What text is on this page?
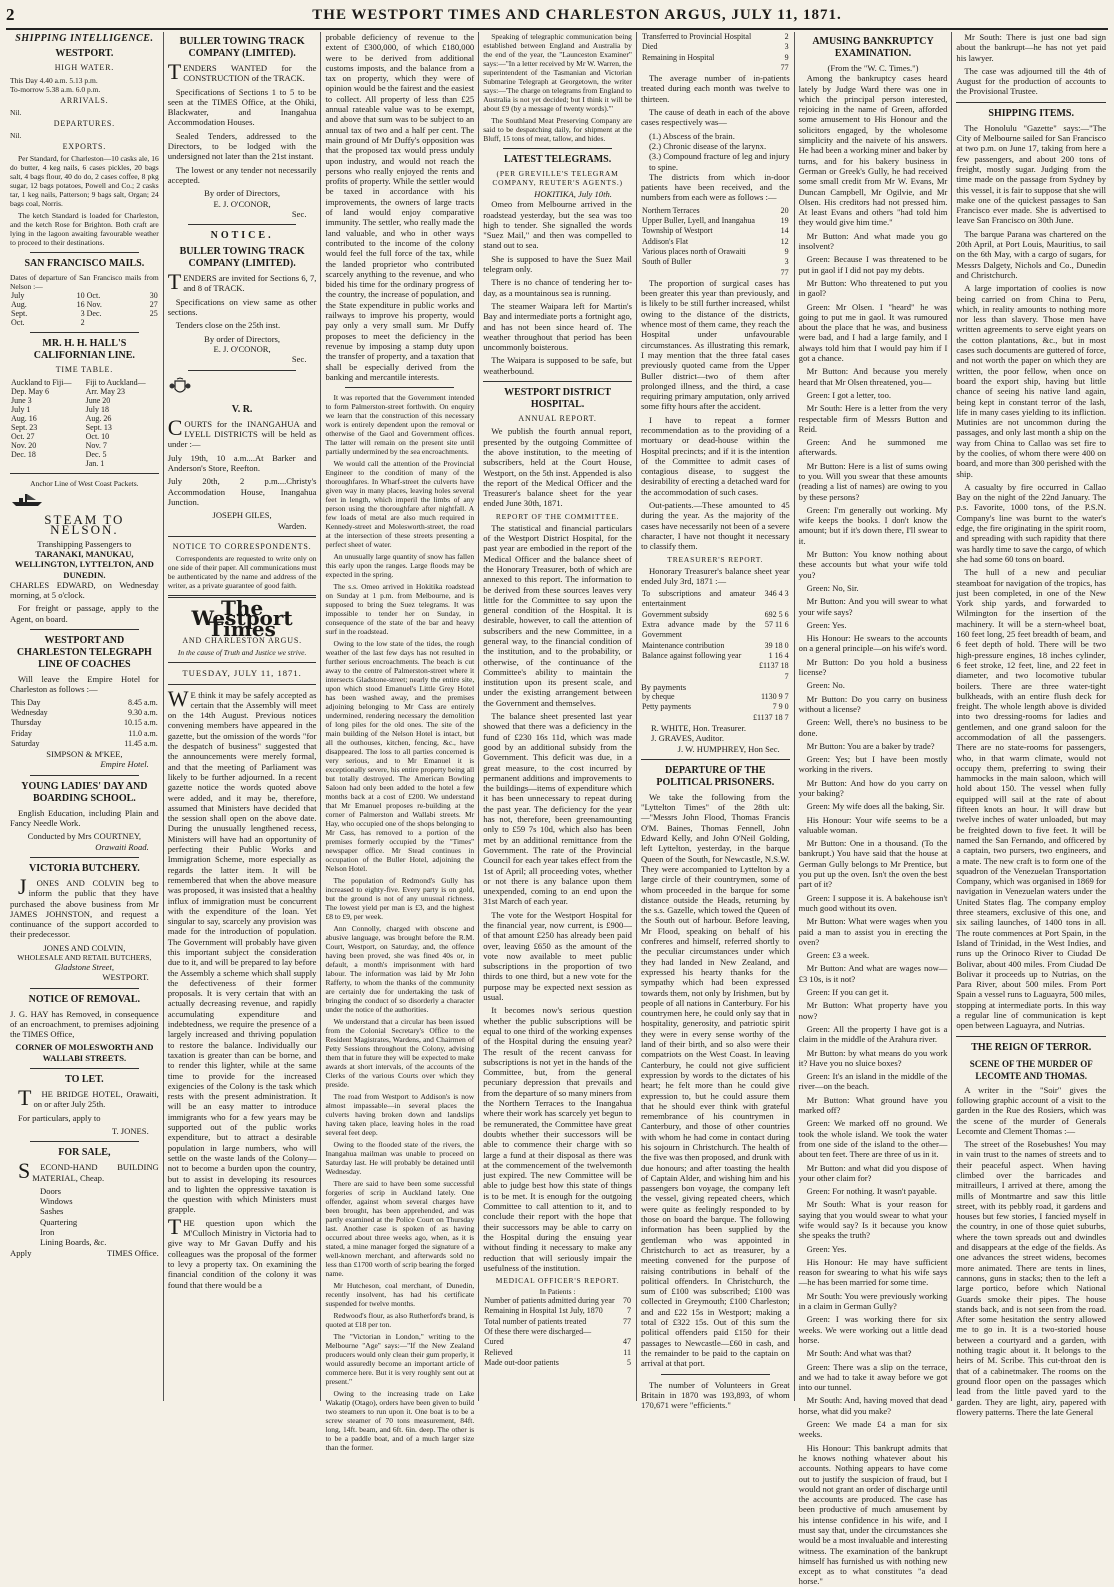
2	THE WESTPORT TIMES AND CHARLESTON ARGUS, JULY 11, 1871.
SHIPPING INTELLIGENCE.
WESTPORT.
HIGH WATER.
This Day 4.40 a.m. 5.13 p.m.
To-morrow 5.38 a.m. 6.0 p.m.
ARRIVALS.
Nil.
DEPARTURES.
Nil.
EXPORTS.

Per Standard, for Charleston—10 casks ale, 16 do butter, 4 keg nails, 6 cases pickles, 20 bags salt, 4 bags flour, 40 do do, 2 cases coffee, 8 pkg sugar, 12 bags potatoes, Powell and Co.; 2 casks tar, 1 keg nails, Patterson; 9 bags salt, Organ; 24 bags coal, Norris.

The ketch Standard is loaded for Charleston, and the ketch Rose for Brighton. Both craft are lying in the lagoon awaiting favourable weather to proceed to their destinations.

SAN FRANCISCO MAILS.
Dates of departure of San Francisco mails from Nelson :—
July	10	Oct.	30
Aug.	16	Nov.	27
Sept.	3	Dec.	25
Oct.	2		
MR. H. H. HALL'S CALIFORNIAN LINE.
TIME TABLE.
Auckland to Fiji—	Fiji to Auckland—
Dep. May 6	Arr. May 23
June 3	June 20
July 1	July 18
Aug. 16	Aug. 26
Sept. 23	Sept. 13
Oct. 27	Oct. 10
Nov. 20	Nov. 7
Dec. 18	Dec. 5
	Jan. 1
Anchor Line of West Coast Packets.
STEAM TO NELSON.
Transhipping Passengers to
TARANAKI, MANUKAU, WELLINGTON, LYTTELTON, AND DUNEDIN.

CHARLES EDWARD, on Wednesday morning, at 5 o'clock.

For freight or passage, apply to the Agent, on board.

WESTPORT AND CHARLESTON TELEGRAPH LINE OF COACHES

Will leave the Empire Hotel for Charleston as follows :—

This Day	8.45 a.m.
Wednesday	9.30 a.m.
Thursday	10.15 a.m.
Friday	11.0 a.m.
Saturday	11.45 a.m.
SIMPSON & M'KEE,
Empire Hotel.
YOUNG LADIES' DAY AND BOARDING SCHOOL.

English Education, including Plain and Fancy Needle Work.

Conducted by Mrs COURTNEY,
Orawaiti Road.
VICTORIA BUTCHERY.

JONES AND COLVIN beg to inform the public that they have purchased the above business from Mr JAMES JOHNSTON, and request a continuance of the support accorded to their predecessor.

JONES AND COLVIN,
WHOLESALE AND RETAIL BUTCHERS,
Gladstone Street,
WESTPORT.
NOTICE OF REMOVAL.

J. G. HAY has Removed, in consequence of an encroachment, to premises adjoining the TIMES Office,

CORNER OF MOLESWORTH AND WALLABI STREETS.
TO LET.

THE BRIDGE HOTEL, Orawaiti, on or after July 25th.

For particulars, apply to

T. JONES.
FOR SALE,

SECOND-HAND BUILDING MATERIAL, Cheap.

Doors
Windows
Sashes
Quartering
Iron
Lining Boards, &c.
Apply	TIMES Office.
BULLER TOWING TRACK COMPANY (LIMITED).

TENDERS WANTED for the CONSTRUCTION of the TRACK.

Specifications of Sections 1 to 5 to be seen at the TIMES Office, at the Ohiki, Blackwater, and Inangahua Accommodation Houses.

Sealed Tenders, addressed to the Directors, to be lodged with the undersigned not later than the 21st instant.

The lowest or any tender not necessarily accepted.

By order of Directors,
E. J. O'CONOR,
Sec.
NOTICE.
BULLER TOWING TRACK COMPANY (LIMITED).

TENDERS are invited for Sections 6, 7, and 8 of TRACK.

Specifications on view same as other sections.

Tenders close on the 25th inst.

By order of Directors,
E. J. O'CONOR,
Sec.
V. R.

COURTS for the INANGAHUA and LYELL DISTRICTS will be held as under :—

July 19th, 10 a.m....At Barker and Anderson's Store, Reefton.

July 20th, 2 p.m....Christy's Accommodation House, Inangahua Junction.

JOSEPH GILES,
Warden.
NOTICE TO CORRESPONDENTS.

Correspondents are requested to write only on one side of their paper. All communications must be authenticated by the name and address of the writer, as a private guarantee of good faith.

The Westport Times
AND CHARLESTON ARGUS.
In the cause of Truth and Justice we strive.
TUESDAY, JULY 11, 1871.

WE think it may be safely accepted as certain that the Assembly will meet on the 14th August. Previous notices convening members have appeared in the gazette, but the omission of the words "for the despatch of business" suggested that the announcements were merely formal, and that the meeting of Parliament was likely to be further adjourned. In a recent gazette notice the words quoted above were added, and it may be, therefore, assumed that Ministers have decided that the session shall open on the above date. During the unusually lengthened recess, Ministers will have had an opportunity of perfecting their Public Works and Immigration Scheme, more especially as regards the latter item. It will be remembered that when the above measure was proposed, it was insisted that a healthy influx of immigration must be concurrent with the expenditure of the loan. Yet singular to say, scarcely any provision was made for the introduction of population. The Government will probably have given this important subject the consideration due to it, and will be prepared to lay before the Assembly a scheme which shall supply the defectiveness of their former proposals. It is very certain that with an actually decreasing revenue, and rapidly accumulating expenditure and indebtedness, we require the presence of a largely increased and thriving population to restore the balance. Individually our taxation is greater than can be borne, and to render this lighter, while at the same time to provide for the increased exigencies of the Colony is the task which rests with the present administration. It will be an easy matter to introduce immigrants who for a few years may be supported out of the public works expenditure, but to attract a desirable population in large numbers, who will settle on the waste lands of the Colony—not to become a burden upon the country, but to assist in developing its resources and to lighten the oppressive taxation is the question with which Ministers must grapple.

THE question upon which the M'Culloch Ministry in Victoria had to give way to Mr Gavan Duffy and his colleagues was the proposal of the former to levy a property tax. On examining the financial condition of the colony it was found that there would be a

probable deficiency of revenue to the extent of £300,000, of which £180,000 were to be derived from additional customs imposts, and the balance from a tax on property, which they were of opinion would be the fairest and the easiest to collect. All property of less than £25 annual rateable value was to be exempt, and above that sum was to be subject to an annual tax of two and a half per cent. The main ground of Mr Duffy's opposition was that the proposed tax would press unduly upon industry, and would not reach the persons who really enjoyed the rents and profits of property. While the settler would be taxed in accordance with his improvements, the owners of large tracts of land would enjoy comparative immunity. The settler, who really made the land valuable, and who in other ways contributed to the income of the colony would feel the full force of the tax, while the landed proprietor who contributed scarcely anything to the revenue, and who bided his time for the ordinary progress of the country, the increase of population, and the State expenditure in public works and railways to improve his property, would pay only a very small sum. Mr Duffy proposes to meet the deficiency in the revenue by imposing a stamp duty upon the transfer of property, and a taxation that shall be especially derived from the banking and mercantile interests.

It was reported that the Government intended to form Palmerston-street forthwith. On enquiry we learn that the construction of this necessary work is entirely dependent upon the removal or otherwise of the Gaol and Government offices. The latter will remain on the present site until partially undermined by the sea encroachments.

We would call the attention of the Provincial Engineer to the condition of many of the thoroughfares. In Wharf-street the culverts have given way in many places, leaving holes several feet in length, which imperil the limbs of any person using the thoroughfare after nightfall. A few loads of metal are also much required in Kennedy-street and Molesworth-street, the road at the intersection of these streets presenting a perfect sheet of water.

An unusually large quantity of snow has fallen this early upon the ranges. Large floods may be expected in the spring.

The s.s. Omeo arrived in Hokitika roadstead on Sunday at 1 p.m. from Melbourne, and is supposed to bring the Suez telegrams. It was impossible to tender her on Sunday, in consequence of the state of the bar and heavy surf in the roadstead.

Owing to the low state of the tides, the rough weather of the last few days has not resulted in further serious encroachments. The beach is cut away to the centre of Palmerston-street where it intersects Gladstone-street; nearly the entire site, upon which stood Emanuel's Little Grey Hotel has been washed away, and the premises adjoining belonging to Mr Cass are entirely undermined, rendering necessary the demolition of long piles for the old ones. The site of the main building of the Nelson Hotel is intact, but all the outhouses, kitchen, fencing, &c., have disappeared. The loss to all parties concerned is very serious, and to Mr Emanuel it is exceptionally severe, his entire property being all but totally destroyed. The American Bowling Saloon had only been added to the hotel a few months back at a cost of £200. We understand that Mr Emanuel proposes re-building at the corner of Palmerston and Wallabi streets. Mr Hay, who occupied one of the shops belonging to Mr Cass, has removed to a portion of the premises formerly occupied by the "Times" newspaper office. Mr Stead continues in occupation of the Buller Hotel, adjoining the Nelson Hotel.

The population of Redmond's Gully has increased to eighty-five. Every party is on gold, but the ground is not of any unusual richness. The lowest yield per man is £3, and the highest £8 to £9, per week.

Ann Connolly, charged with obscene and abusive language, was brought before the R.M. Court, Westport, on Saturday, and, the offence having been proved, she was fined 40s or, in default, a month's imprisonment with hard labour. The information was laid by Mr John Rafferty, to whom the thanks of the community are certainly due for undertaking the task of bringing the conduct of so disorderly a character under the notice of the authorities.

We understand that a circular has been issued from the Colonial Secretary's Office to the Resident Magistrates, Wardens, and Chairmen of Petty Sessions throughout the Colony, advising them that in future they will be expected to make awards at short intervals, of the accounts of the Clerks of the various Courts over which they preside.

The road from Westport to Addison's is now almost impassable—in several places the culverts having broken down and landslips having taken place, leaving holes in the road several feet deep.

Owing to the flooded state of the rivers, the Inangahua mailman was unable to proceed on Saturday last. He will probably be detained until Wednesday.

There are said to have been some successful forgeries of scrip in Auckland lately. One offender, against whom several charges have been brought, has been apprehended, and was partly examined at the Police Court on Thursday last. Another case is spoken of as having occurred about three weeks ago, when, as it is stated, a mine manager forged the signature of a well-known merchant, and afterwards sold no less than £1700 worth of scrip bearing the forged name.

Mr Hutcheson, coal merchant, of Dunedin, recently insolvent, has had his certificate suspended for twelve months.

Redwood's flour, as also Rutherford's brand, is quoted at £18 per ton.

The "Victorian in London," writing to the Melbourne "Age" says:—"If the New Zealand producers would only clean their gum properly, it would assuredly become an important article of commerce here. But it is very roughly sent out at present."

Owing to the increasing trade on Lake Wakatip (Otago), orders have been given to build two steamers to run upon it. One boat is to be a screw steamer of 70 tons measurement, 84ft. long, 14ft. beam, and 6ft. 6in. deep. The other is to be a paddle boat, and of a much larger size than the former.

Speaking of telegraphic communication being established between England and Australia by the end of the year, the "Launceston Examiner" says:—"In a letter received by Mr W. Warren, the superintendent of the Tasmanian and Victorian Submarine Telegraph at Georgetown, the writer says:—'The charge on telegrams from England to Australia is not yet decided; but I think it will be about £9 (by a message of twenty words).'"

The Southland Meat Preserving Company are said to be despatching daily, for shipment at the Bluff, 15 tons of meat, tallow, and hides.

LATEST TELEGRAMS.
(PER GREVILLE'S TELEGRAM COMPANY, REUTER'S AGENTS.)
HOKITIKA, July 10th.

Omeo from Melbourne arrived in the roadstead yesterday, but the sea was too high to tender. She signalled the words "Suez Mail," and then was compelled to stand out to sea.

She is supposed to have the Suez Mail telegram only.

There is no chance of tendering her to-day, as a mountainous sea is running.

The steamer Waipara left for Martin's Bay and intermediate ports a fortnight ago, and has not been since heard of. The weather throughout that period has been uncommonly boisterous.

The Waipara is supposed to be safe, but weatherbound.

WESTPORT DISTRICT HOSPITAL.
ANNUAL REPORT.

We publish the fourth annual report, presented by the outgoing Committee of the above institution, to the meeting of subscribers, held at the Court House, Westport, on the 5th inst. Appended is also the report of the Medical Officer and the Treasurer's balance sheet for the year ended June 30th, 1871.

REPORT OF THE COMMITTEE.

The statistical and financial particulars of the Westport District Hospital, for the past year are embodied in the report of the Medical Officer and the balance sheet of the Honorary Treasurer, both of which are annexed to this report. The information to be derived from these sources leaves very little for the Committee to say upon the general condition of the Hospital. It is desirable, however, to call the attention of subscribers and the new Committee, in a general way, to the financial condition of the institution, and to the probability, or otherwise, of the continuance of the Committee's ability to maintain the institution upon its present scale, and under the existing arrangement between the Government and themselves.

The balance sheet presented last year showed that there was a deficiency in the fund of £230 16s 11d, which was made good by an additional subsidy from the Government. This deficit was due, in a great measure, to the cost incurred by permanent additions and improvements to the buildings—items of expenditure which it has been unnecessary to repeat during the past year. The deficiency for the year has not, therefore, been greenamounting only to £59 7s 10d, which also has been met by an additional remittance from the Government. The rate of the Provincial Council for each year takes effect from the 1st of April; all proceeding votes, whether or not there is any balance upon them unexpended, coming to an end upon the 31st March of each year.

The vote for the Westport Hospital for the financial year, now current, is £900—of that amount £250 has already been paid over, leaving £650 as the amount of the vote now available to meet public subscriptions in the proportion of two thirds to one third, but a new vote for the purpose may be expected next session as usual.

It becomes now's serious question whether the public subscriptions will be equal to one third of the working expenses of the Hospital during the ensuing year? The result of the recent canvass for subscriptions is not yet in the hands of the Committee, but, from the general pecuniary depression that prevails and from the departure of so many miners from the Northern Terraces to the Inangahua where their work has scarcely yet begun to be remunerated, the Committee have great doubts whether their successors will be able to commence their charge with so large a fund at their disposal as there was at the commencement of the twelvemonth just expired. The new Committee will be able to judge best how this state of things is to be met. It is enough for the outgoing Committee to call attention to it, and to conclude their report with the hope that their successors may be able to carry on the Hospital during the ensuing year without finding it necessary to make any reduction that will seriously impair the usefulness of the institution.

MEDICAL OFFICER'S REPORT.
In Patients :
Number of patients admitted during year	70
Remaining in Hospital 1st July, 1870	7
Total number of patients treated	77
Of these there were discharged—	
Cured	47
Relieved	11
Made out-door patients	5
Transferred to Provincial Hospital	2
Died	3
Remaining in Hospital	9
	77

The average number of in-patients treated during each month was twelve to thirteen.

The cause of death in each of the above cases respectively was—

(1.) Abscess of the brain.
(2.) Chronic disease of the larynx.
(3.) Compound fracture of leg and injury to spine.

The districts from which in-door patients have been received, and the numbers from each were as follows :—

Northern Terraces	20
Upper Buller, Lyell, and Inangahua	19
Township of Westport	14
Addison's Flat	12
Various places north of Orawaiti	9
South of Buller	3
	77

The proportion of surgical cases has been greater this year than previously, and is likely to be still further increased, whilst owing to the distance of the districts, whence most of them came, they reach the Hospital under unfavourable circumstances. As illustrating this remark, I may mention that the three fatal cases previously quoted came from the Upper Buller district—two of them after prolonged illness, and the third, a case requiring primary amputation, only arrived some fifty hours after the accident.

I have to repeat a former recommendation as to the providing of a mortuary or dead-house within the Hospital precincts; and if it is the intention of the Committee to admit cases of contagious disease, to suggest the desirability of erecting a detached ward for the accommodation of such cases.

Out-patients.—These amounted to 45 during the year. As the majority of the cases have necessarily not been of a severe character, I have not thought it necessary to classify them.

TREASURER'S REPORT.

Honorary Treasurer's balance sheet year ended July 3rd, 1871 :—

To subscriptions and amateur entertainment	346 4 3
Government subsidy	692 5 6
Extra advance made by the Government	57 11 6
Maintenance contribution	39 18 0
Balance against following year	1 16 4
	£1137 18 7
By payments
by cheque	1130 9 7
Petty payments	7 9 0
	£1137 18 7
R. WHITE, Hon. Treasurer.
J. GRAVES, Auditor.
J. W. HUMPHREY, Hon Sec.
DEPARTURE OF THE POLITICAL PRISONERS.

We take the following from the "Lyttelton Times" of the 28th ult:—"Messrs John Flood, Thomas Francis O'M. Baines, Thomas Fennell, John Edward Kelly, and John O'Neil Golding, left Lyttelton, yesterday, in the barque Queen of the South, for Newcastle, N.S.W. They were accompanied to Lyttelton by a large circle of their countrymen, some of whom proceeded in the barque for some distance outside the Heads, returning by the s.s. Gazelle, which towed the Queen of the South out of harbour. Before leaving, Mr Flood, speaking on behalf of his confreres and himself, referred shortly to the peculiar circumstances under which they had landed in New Zealand, and expressed his hearty thanks for the sympathy which had been expressed towards them, not only by Irishmen, but by people of all nations in Canterbury. For his countrymen here, he could only say that in hospitality, generosity, and patriotic spirit they were in every sense worthy of the land of their birth, and so also were their compatriots on the West Coast. In leaving Canterbury, he could not give sufficient expression by words to the dictates of his heart; he felt more than he could give expression to, but he could assure them that he should ever think with grateful remembrance of his countrymen in Canterbury, and those of other countries with whom he had come in contact during his sojourn in Christchurch. The health of the five was then proposed, and drunk with due honours; and after toasting the health of Captain Alder, and wishing him and his passengers bon voyage, the company left the vessel, giving repeated cheers, which were quite as feelingly responded to by those on board the barque. The following information has been supplied by the gentleman who was appointed in Christchurch to act as treasurer, by a meeting convened for the purpose of raising contributions in behalf of the political offenders. In Christchurch, the sum of £100 was subscribed; £100 was collected in Greymouth; £100 Charleston; and and £22 15s in Westport; making a total of £322 15s. Out of this sum the political offenders paid £150 for their passages to Newcastle—£60 in cash, and the remainder to be paid to the captain on arrival at that port.

The number of Volunteers in Great Britain in 1870 was 193,893, of whom 170,671 were "efficients."

AMUSING BANKRUPTCY EXAMINATION.
(From the "W. C. Times.")

Among the bankruptcy cases heard lately by Judge Ward there was one in which the principal person interested, rejoicing in the name of Green, afforded some amusement to His Honour and the solicitors engaged, by the wholesome simplicity and the naivete of his answers. He had been a working miner and baker by turns, and for his bakery business in German or Greek's Gully, he had received some small credit from Mr W. Evans, Mr Duncan Campbell, Mr Ogilvie, and Mr Olsen. His creditors had not pressed him. At least Evans and others "had told him they would give him time."

Mr Button: And what made you go insolvent?

Green: Because I was threatened to be put in gaol if I did not pay my debts.

Mr Button: Who threatened to put you in gaol?

Green: Mr Olsen. I "heard" he was going to put me in gaol. It was rumoured about the place that he was, and business were bad, and I had a large family, and I always told him that I would pay him if I got a chance.

Mr Button: And because you merely heard that Mr Olsen threatened, you—

Green: I got a letter, too.

Mr South: Here is a letter from the very respectable firm of Messrs Button and Reid.

Green: And he summoned me afterwards.

Mr Button: Here is a list of sums owing to you. Will you swear that these amounts (reading a list of names) are owing to you by these persons?

Green: I'm generally out working. My wife keeps the books. I don't know the amount; but if it's down there, I'll swear to it.

Mr Button: You know nothing about these accounts but what your wife told you?

Green: No, Sir.

Mr Button: And you will swear to what your wife says?

Green: Yes.

His Honour: He swears to the accounts on a general principle—on his wife's word.

Mr Button: Do you hold a business license?

Green: No.

Mr Button: Do you carry on business without a license?

Green: Well, there's no business to be done.

Mr Button: You are a baker by trade?

Green: Yes; but I have been mostly working in the rivers.

Mr Button: And how do you carry on your baking?

Green: My wife does all the baking, Sir.

His Honour: Your wife seems to be a valuable woman.

Mr Button: One in a thousand. (To the bankrupt.) You have said that the house at German Gully belongs to Mr Prentice, but you put up the oven. Isn't the oven the best part of it?

Green: I suppose it is. A bakehouse isn't much good without its oven.

Mr Button: What were wages when you paid a man to assist you in erecting the oven?

Green: £3 a week.

Mr Button: And what are wages now—£3 10s, is it not?

Green: If you can get it.

Mr Button: What property have you now?

Green: All the property I have got is a claim in the middle of the Arahura river.

Mr Button: by what means do you work it? Have you no sluice boxes?

Green: It's an island in the middle of the river—on the beach.

Mr Button: What ground have you marked off?

Green: We marked off no ground. We took the whole island. We took the water from one side of the island to the other—about ten feet. There are three of us in it.

Mr Button: and what did you dispose of your other claim for?

Green: For nothing. It wasn't payable.

Mr South: What is your reason for saying that you would swear to what your wife would say? Is it because you know she speaks the truth?

Green: Yes.

His Honour: He may have sufficient reason for swearing to what his wife says—he has been married for some time.

Mr South: You were previously working in a claim in German Gully?

Green: I was working there for six weeks. We were working out a little dead horse.

Mr South: And what was that?

Green: There was a slip on the terrace, and we had to take it away before we got into our tunnel.

Mr South: And, having moved that dead horse, what did you make?

Green: We made £4 a man for six weeks.

His Honour: This bankrupt admits that he knows nothing whatever about his accounts. Nothing appears to have come out to justify the suspicion of fraud, but I would not grant an order of discharge until the accounts are produced. The case has been productive of much amusement by his intense confidence in his wife, and I must say that, under the circumstances she would be a most invaluable and interesting witness. The examination of the bankrupt himself has furnished us with nothing new except as to what constitutes "a dead horse."

Mr South: There is just one bad sign about the bankrupt—he has not yet paid his lawyer.

The case was adjourned till the 4th of August for the production of accounts to the Provisional Trustee.

SHIPPING ITEMS.

The Honolulu "Gazette" says:—"The City of Melbourne sailed for San Francisco at two p.m. on June 17, taking from here a few passengers, and about 200 tons of freight, mostly sugar. Judging from the time made on the passage from Sydney by this vessel, it is fair to suppose that she will make one of the quickest passages to San Francisco ever made. She is advertised to leave San Francisco on 30th June.

The barque Parana was chartered on the 20th April, at Port Louis, Mauritius, to sail on the 6th May, with a cargo of sugars, for Messrs Dalgety, Nichols and Co., Dunedin and Christchurch.

A large importation of coolies is now being carried on from China to Peru, which, in reality amounts to nothing more nor less than slavery. Those men have written agreements to serve eight years on the cotton plantations, &c., but in most cases such documents are guttered of force, and not worth the paper on which they are written, the poor fellow, when once on board the export ship, having but little chance of seeing his native land again, being kept in constant terror of the lash, life in many cases yielding to its infliction. Mutinies are not uncommon during the passages, and only last month a ship on the way from China to Callao was set fire to by the coolies, of whom there were 400 on board, and more than 300 perished with the ship.

A casualty by fire occurred in Callao Bay on the night of the 22nd January. The p.s. Favorite, 1000 tons, of the P.S.N. Company's line was burnt to the water's edge, the fire originating in the spirit room, and spreading with such rapidity that there was hardly time to save the cargo, of which she had some 60 tons on board.

The hull of a new and peculiar steamboat for navigation of the tropics, has just been completed, in one of the New York ship yards, and forwarded to Wilmington for the insertion of the machinery. It will be a stern-wheel boat, 160 feet long, 25 feet breadth of beam, and 6 feet depth of hold. There will be two high-pressure engines, 18 inches cylinder, 6 feet stroke, 12 feet, line, and 22 feet in diameter, and two locomotive tubular boilers. There are three water-tight bulkheads, with an entire flush deck for freight. The whole length above is divided into two dressing-rooms for ladies and gentlemen, and one grand saloon for the accommodation of all the passengers. There are no state-rooms for passengers, who, in that warm climate, would not occupy them, preferring to swing their hammocks in the main saloon, which will hold about 150. The vessel when fully equipped will sail at the rate of about fifteen knots an hour. It will draw but twelve inches of water unloaded, but may be freighted down to five feet. It will be named the San Fernando, and officered by a captain, two pursers, two engineers, and a mate. The new craft is to form one of the squadron of the Venezuelan Transportation Company, which was organised in 1869 for navigation in Venezuelan waters under the United States flag. The company employ three steamers, exclusive of this one, and six sailing launches, of 1400 tons in all. The route commences at Port Spain, in the Island of Trinidad, in the West Indies, and runs up the Orinoco River to Ciudad De Bolivar, about 400 miles. From Ciudad De Bolivar it proceeds up to Nutrias, on the Para River, about 500 miles. From Port Spain a vessel runs to Laguayra, 500 miles, stopping at intermediate ports. In this way a regular line of communication is kept open between Laguayra, and Nutrias.

THE REIGN OF TERROR.
SCENE OF THE MURDER OF LECOMTE AND THOMAS.

A writer in the "Soir" gives the following graphic account of a visit to the garden in the Rue des Rosiers, which was the scene of the murder of Generals Lecomte and Clement Thomas :—

The street of the Rosebushes! You may in vain trust to the names of streets and to their peaceful aspect. When having climbed over the barricades and mitrailleurs, I arrived at there, among the mills of Montmartre and saw this little street, with its pebbly road, it gardens and houses but few stories, I fancied myself in the country, in one of those quiet suburbs, where the town spreads out and dwindles and disappears at the edge of the fields. As one advances the street widens, becomes more animated. There are tents in lines, cannons, guns in stacks; then to the left a large portico, before which National Guards smoke their pipes. The house stands back, and is not seen from the road. After some hesitation the sentry allowed me to go in. It is a two-storied house between a courtyard and a garden, with nothing tragic about it. It belongs to the heirs of M. Scribe. This cut-throat den is that of a cabinetmaker. The rooms on the ground floor open on the passages which lead from the little paved yard to the garden. They are light, airy, papered with flowery patterns. There the late General
